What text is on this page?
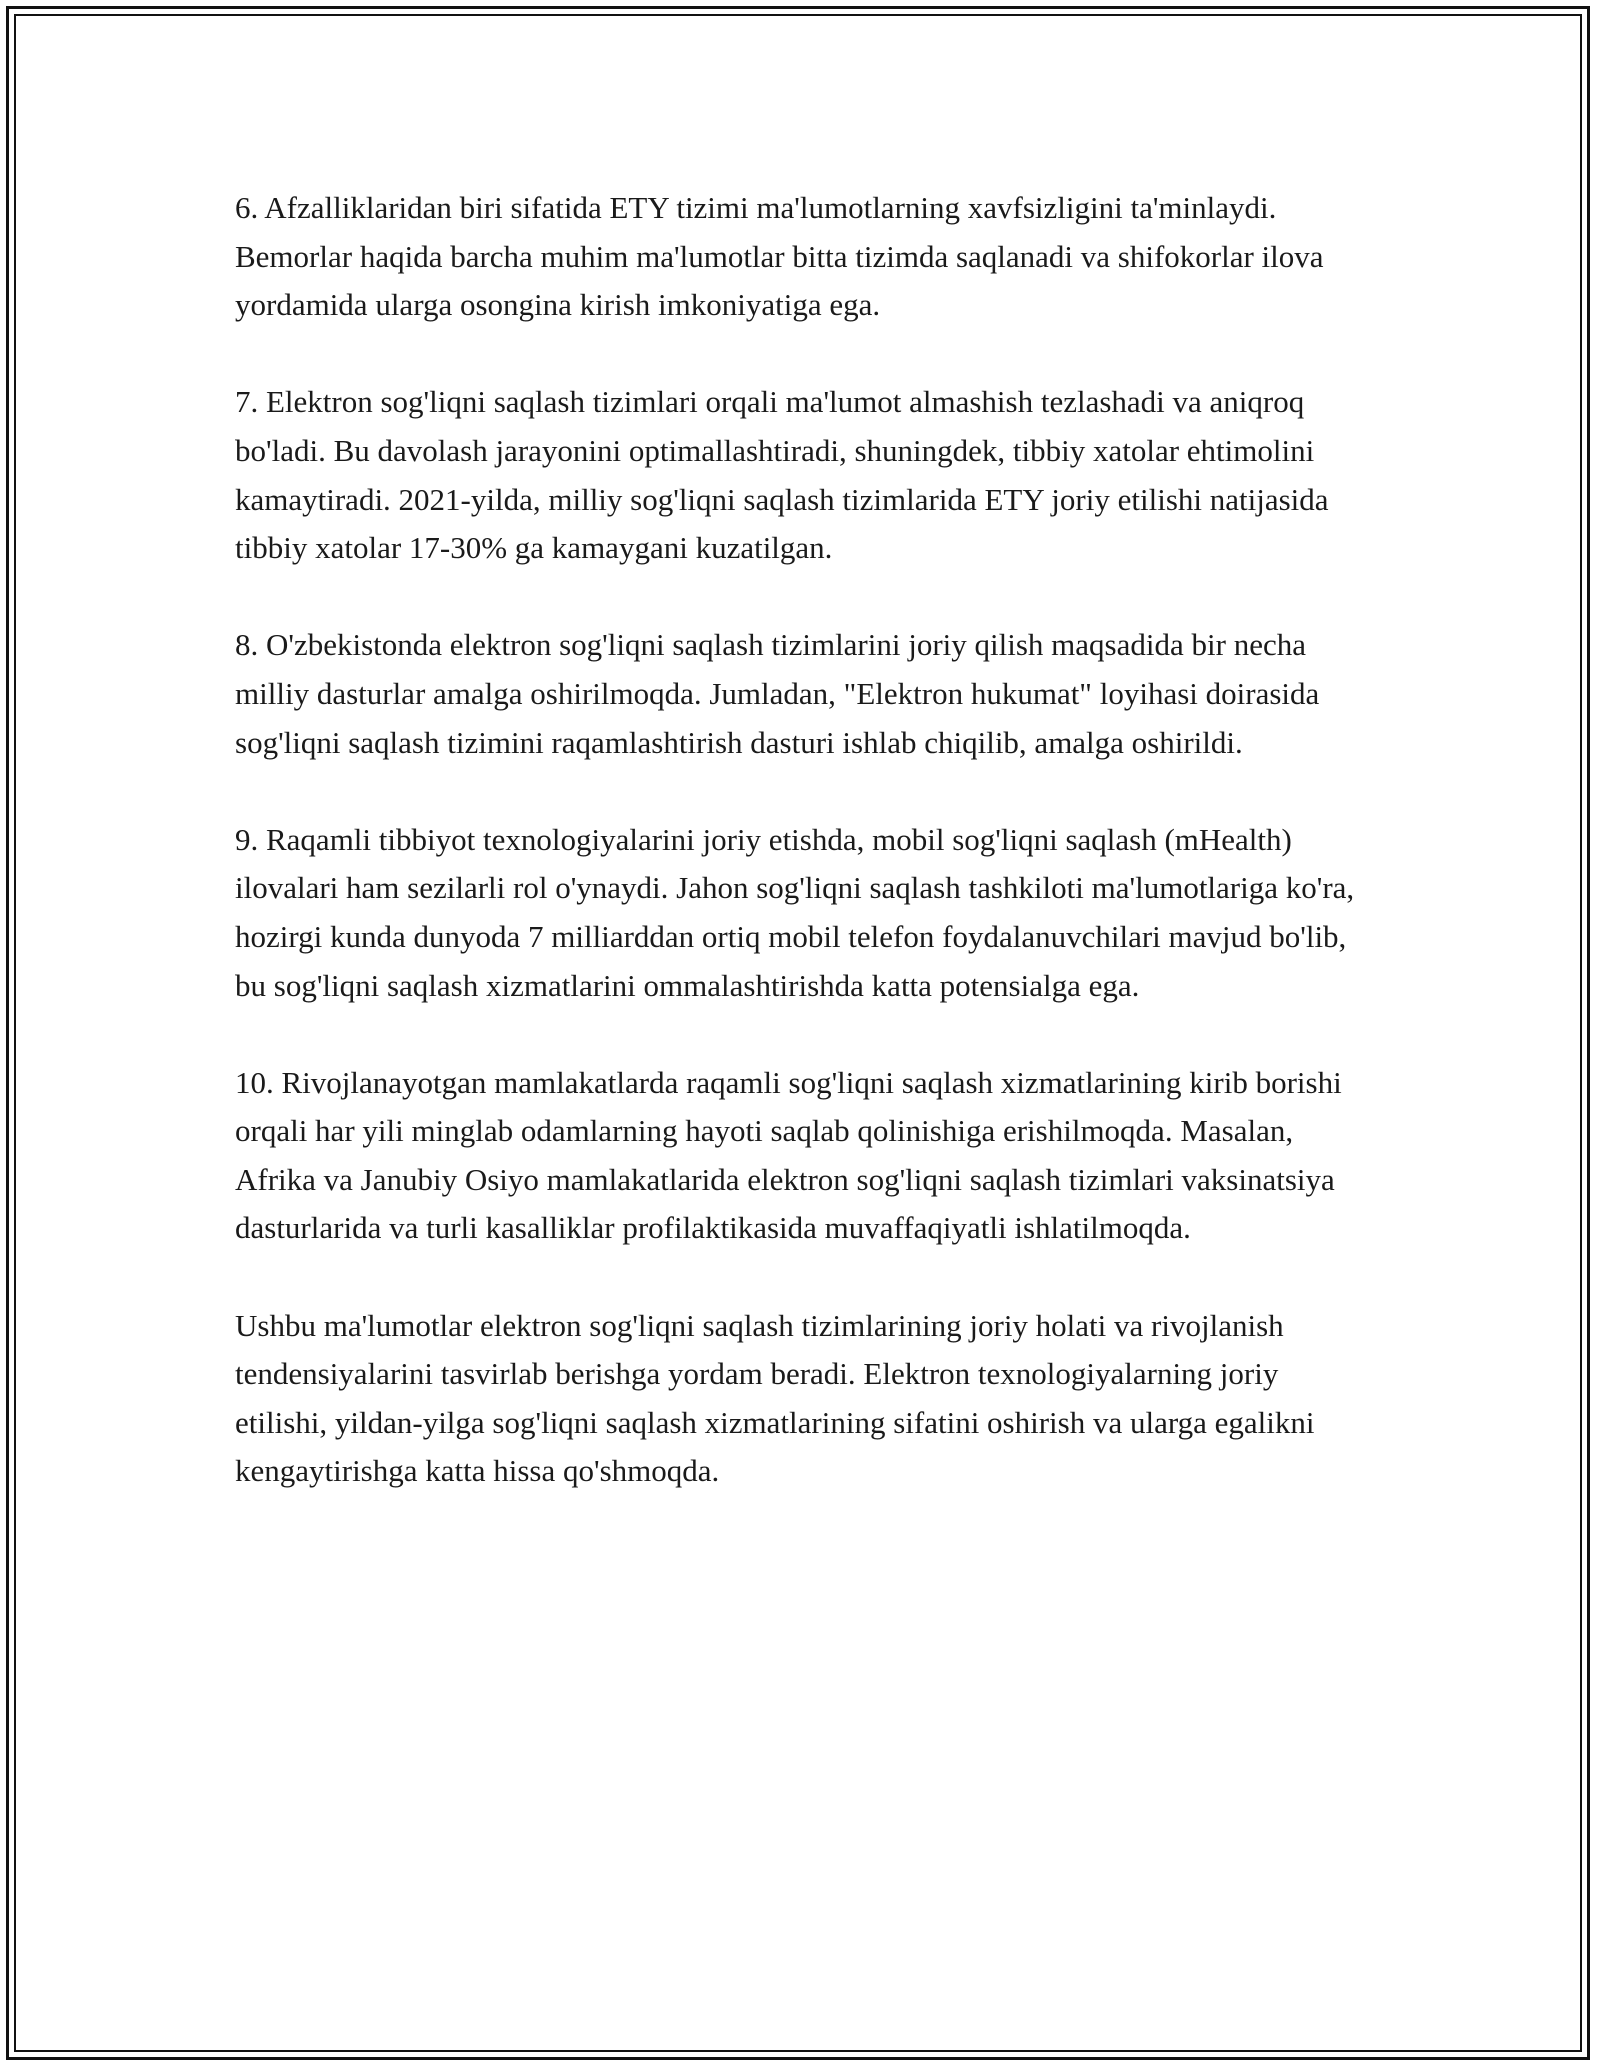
6. Afzalliklaridan biri sifatida ETY tizimi ma'lumotlarning xavfsizligini ta'minlaydi. Bemorlar haqida barcha muhim ma'lumotlar bitta tizimda saqlanadi va shifokorlar ilova yordamida ularga osongina kirish imkoniyatiga ega.

7. Elektron sog'liqni saqlash tizimlari orqali ma'lumot almashish tezlashadi va aniqroq bo'ladi. Bu davolash jarayonini optimallashtiradi, shuningdek, tibbiy xatolar ehtimolini kamaytiradi. 2021-yilda, milliy sog'liqni saqlash tizimlarida ETY joriy etilishi natijasida tibbiy xatolar 17-30% ga kamaygani kuzatilgan.

8. O'zbekistonda elektron sog'liqni saqlash tizimlarini joriy qilish maqsadida bir necha milliy dasturlar amalga oshirilmoqda. Jumladan, "Elektron hukumat" loyihasi doirasida sog'liqni saqlash tizimini raqamlashtirish dasturi ishlab chiqilib, amalga oshirildi.

9. Raqamli tibbiyot texnologiyalarini joriy etishda, mobil sog'liqni saqlash (mHealth) ilovalari ham sezilarli rol o'ynaydi. Jahon sog'liqni saqlash tashkiloti ma'lumotlariga ko'ra, hozirgi kunda dunyoda 7 milliarddan ortiq mobil telefon foydalanuvchilari mavjud bo'lib, bu sog'liqni saqlash xizmatlarini ommalashtirishda katta potensialga ega.

10. Rivojlanayotgan mamlakatlarda raqamli sog'liqni saqlash xizmatlarining kirib borishi orqali har yili minglab odamlarning hayoti saqlab qolinishiga erishilmoqda. Masalan, Afrika va Janubiy Osiyo mamlakatlarida elektron sog'liqni saqlash tizimlari vaksinatsiya dasturlarida va turli kasalliklar profilaktikasida muvaffaqiyatli ishlatilmoqda.

Ushbu ma'lumotlar elektron sog'liqni saqlash tizimlarining joriy holati va rivojlanish tendensiyalarini tasvirlab berishga yordam beradi. Elektron texnologiyalarning joriy etilishi, yildan-yilga sog'liqni saqlash xizmatlarining sifatini oshirish va ularga egalikni kengaytirishga katta hissa qo'shmoqda.
